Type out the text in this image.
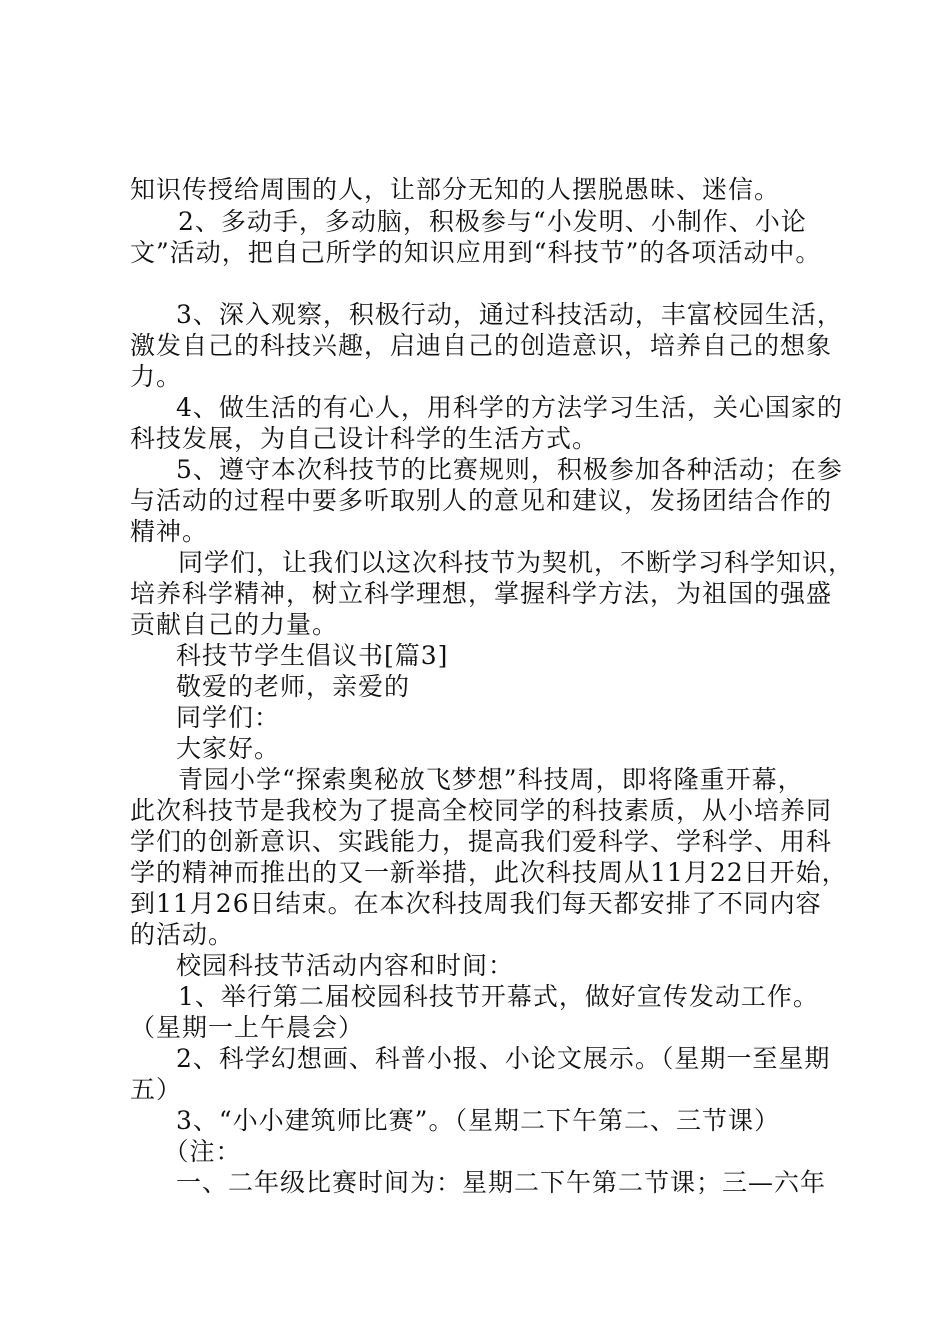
知识传授给周围的人，让部分无知的人摆脱愚昧、迷信。
　2、多动手，多动脑，积极参与“小发明、小制作、小论
文”活动，把自己所学的知识应用到“科技节”的各项活动中。
　3、深入观察，积极行动，通过科技活动，丰富校园生活，
激发自己的科技兴趣，启迪自己的创造意识，培养自己的想象
力。
　4、做生活的有心人，用科学的方法学习生活，关心国家的
科技发展，为自己设计科学的生活方式。
　5、遵守本次科技节的比赛规则，积极参加各种活动；在参
与活动的过程中要多听取别人的意见和建议，发扬团结合作的
精神。
　同学们，让我们以这次科技节为契机，不断学习科学知识，
培养科学精神，树立科学理想，掌握科学方法，为祖国的强盛
贡献自己的力量。
　科技节学生倡议书[篇3]
　敬爱的老师，亲爱的
　同学们：
　大家好。
　青园小学“探索奥秘放飞梦想”科技周，即将隆重开幕，
此次科技节是我校为了提高全校同学的科技素质，从小培养同
学们的创新意识、实践能力，提高我们爱科学、学科学、用科
学的精神而推出的又一新举措，此次科技周从11月22日开始，
到11月26日结束。在本次科技周我们每天都安排了不同内容
的活动。
　校园科技节活动内容和时间：
　1、举行第二届校园科技节开幕式，做好宣传发动工作。
（星期一上午晨会）
　2、科学幻想画、科普小报、小论文展示。（星期一至星期
五）
　3、“小小建筑师比赛”。（星期二下午第二、三节课）
　（注：
　一、二年级比赛时间为：星期二下午第二节课；三—六年
